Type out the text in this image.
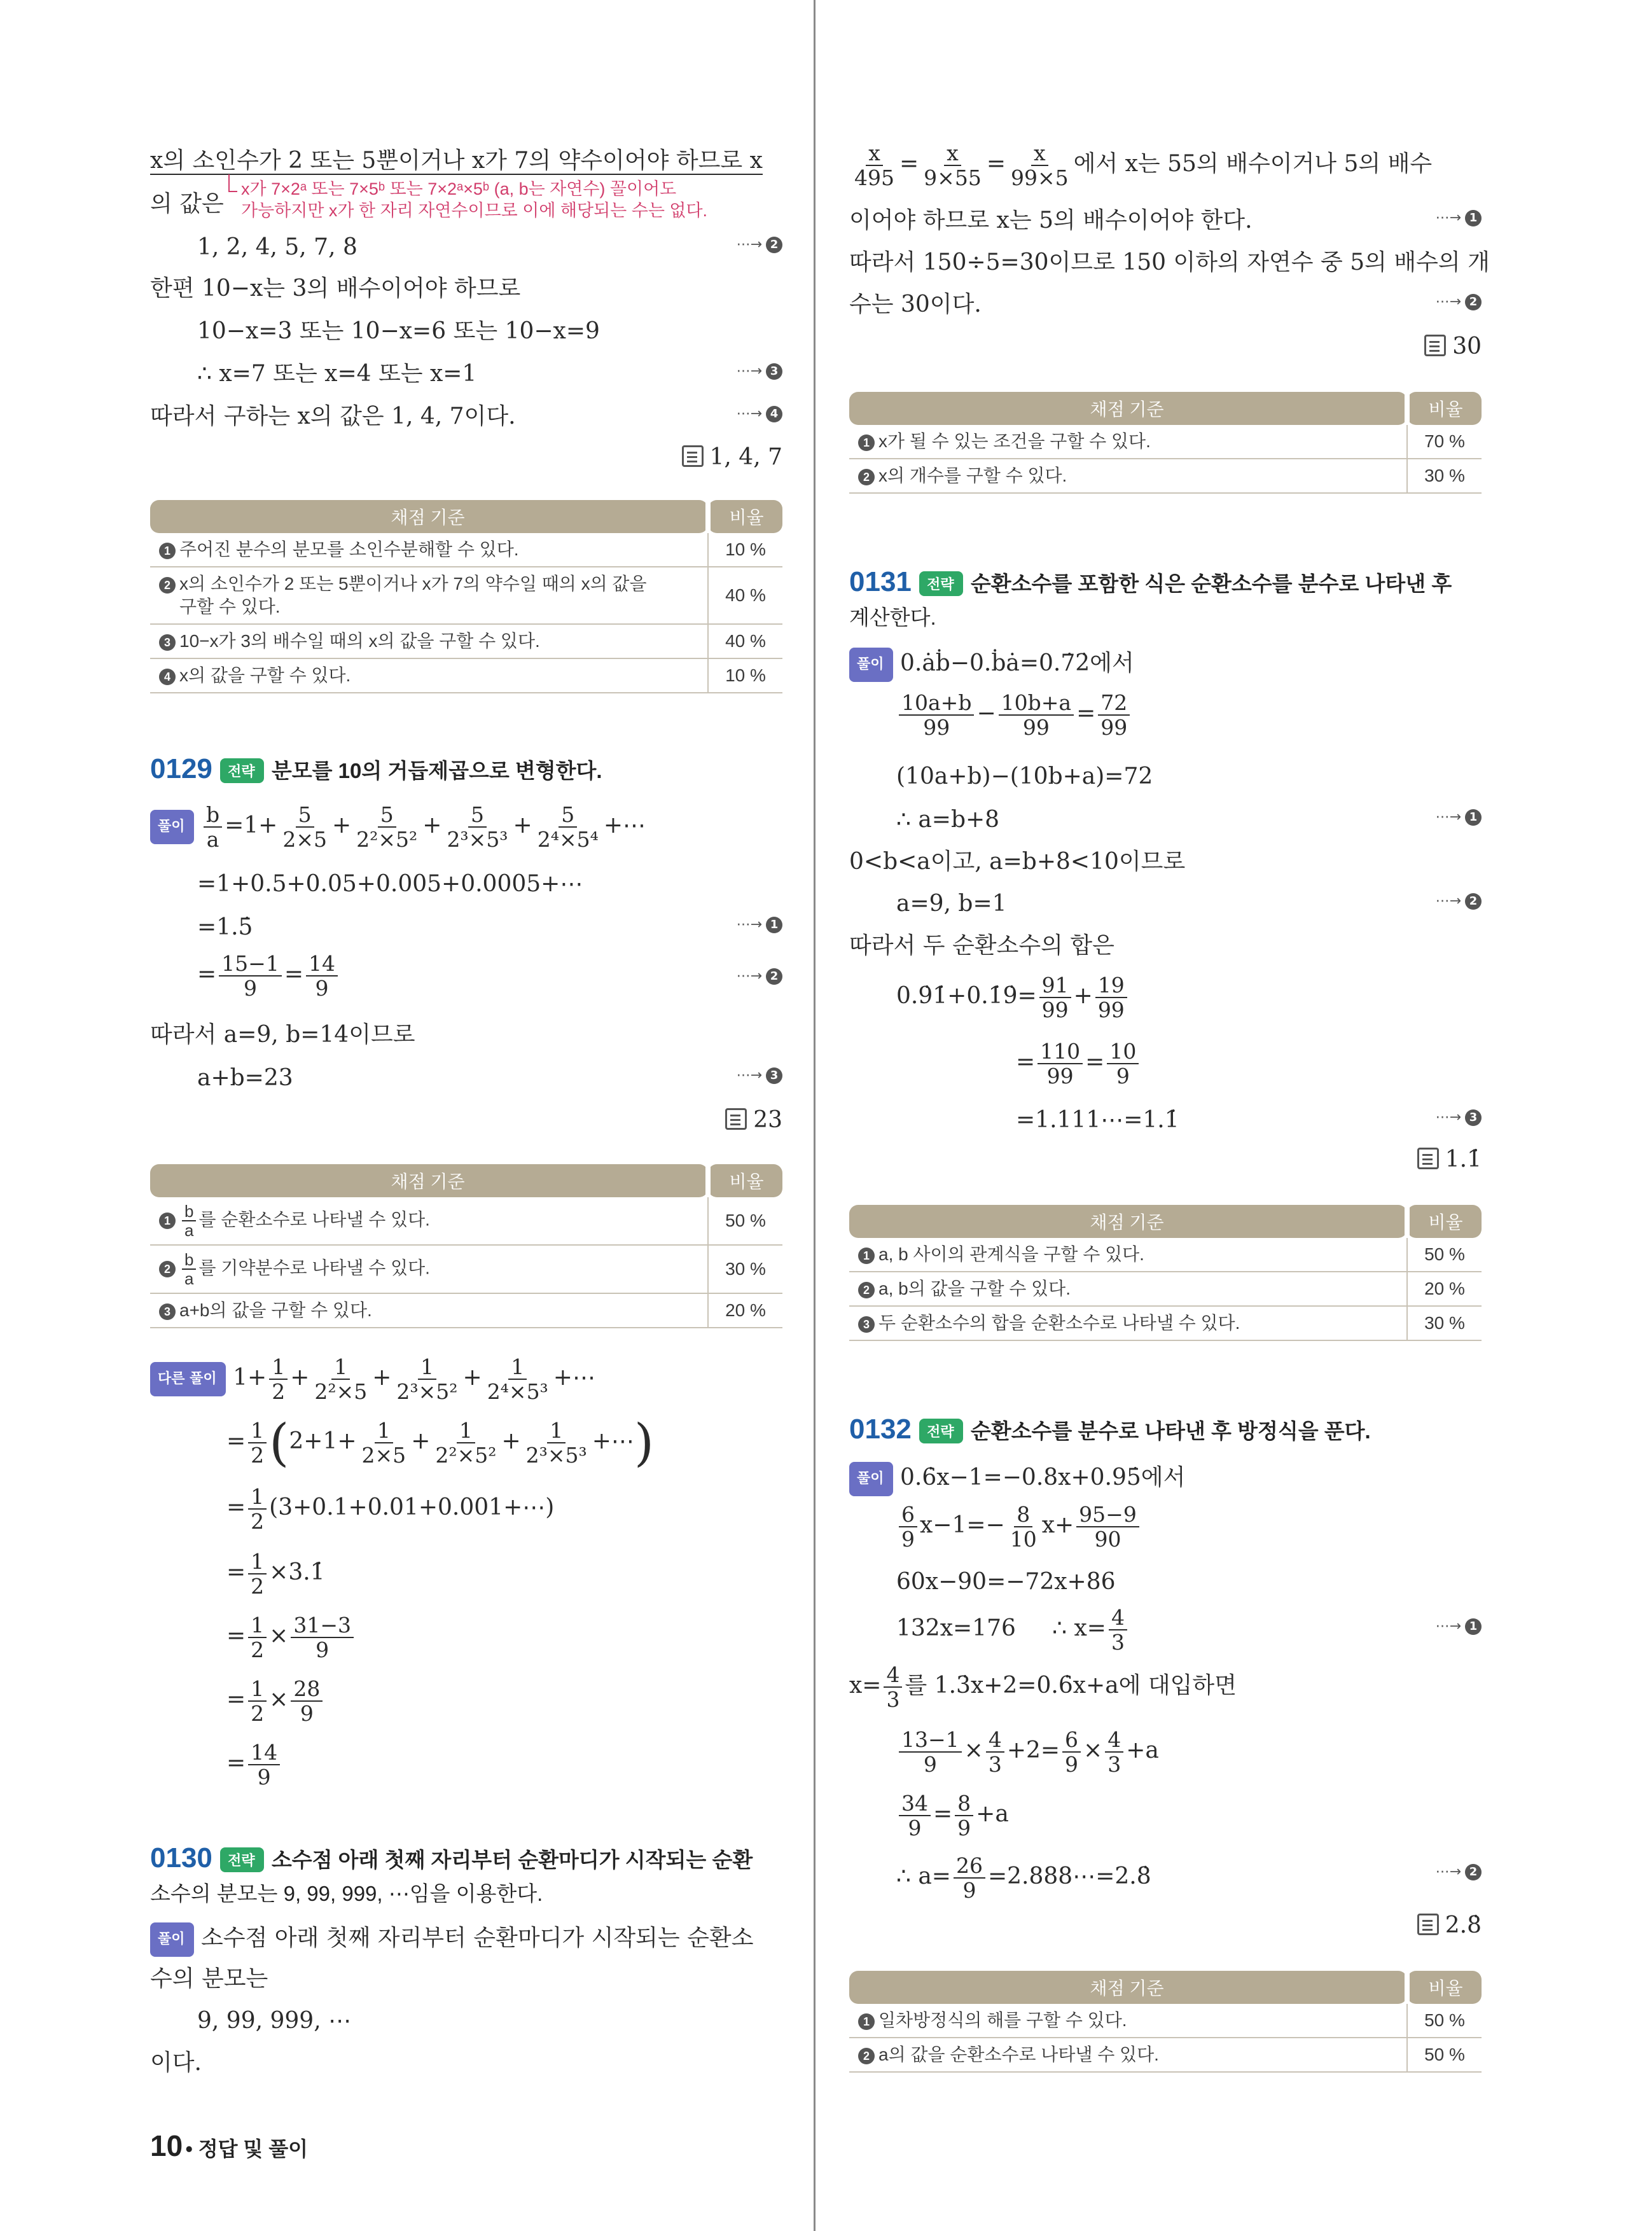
x의 소인수가 2 또는 5뿐이거나 x가 7의 약수이어야 하므로 x
의 값은
x가 7×2ᵃ 또는 7×5ᵇ 또는 7×2ᵃ×5ᵇ (a, b는 자연수) 꼴이어도
가능하지만 x가 한 자리 자연수이므로 이에 해당되는 수는 없다.
1, 2, 4, 5, 7, 8	⋯→ 2
한편 10−x는 3의 배수이어야 하므로
10−x=3 또는 10−x=6 또는 10−x=9
∴ x=7 또는 x=4 또는 x=1	⋯→ 3
따라서 구하는 x의 값은 1, 4, 7이다.	⋯→ 4
1, 4, 7
채점 기준	비율
1 주어진 분수의 분모를 소인수분해할 수 있다.	10 %
2 x의 소인수가 2 또는 5뿐이거나 x가 7의 약수일 때의 x의 값을
구할 수 있다.	40 %
3 10−x가 3의 배수일 때의 x의 값을 구할 수 있다.	40 %
4 x의 값을 구할 수 있다.	10 %
0129 전략 분모를 10의 거듭제곱으로 변형한다.
풀이 $\frac{b}{a} =1+ \frac{5}{2\times 5} + \frac{5}{\text{2²×5²}} + \frac{5}{\text{2³×5³}} + \frac{5}{\text{2⁴×5⁴}}$ +⋯
=1+0.5+0.05+0.005+0.0005+⋯
=1.5̇	⋯→ 1
= $\frac{15-1}{9} = \frac{14}{9}$	⋯→ 2
따라서 a=9, b=14이므로
a+b=23	⋯→ 3
23
채점 기준	비율
$1 \frac{b}{a}$ 를 순환소수로 나타낼 수 있다.	50 %
$2 \frac{b}{a}$ 를 기약분수로 나타낼 수 있다.	30 %
3 a+b의 값을 구할 수 있다.	20 %
다른 풀이 $1+ \frac{1}{2} + \frac{1}{\text{2²×5}} + \frac{1}{\text{2³×5²}} + \frac{1}{\text{2⁴×5³}}$ +⋯
= $\frac{1}{2} (2+1+ \frac{1}{2\times 5} + \frac{1}{\text{2²×5²}} + \frac{1}{\text{2³×5³}}$ +⋯)
= $\frac{1}{2}$ (3+0.1+0.01+0.001+⋯)
= $\frac{1}{2}$ ×3.1̇
= $\frac{1}{2} \times \frac{31-3}{9}$
= $\frac{1}{2} \times \frac{28}{9}$
= $\frac{14}{9}$
0130 전략 소수점 아래 첫째 자리부터 순환마디가 시작되는 순환
소수의 분모는 9, 99, 999, ⋯임을 이용한다.
풀이 소수점 아래 첫째 자리부터 순환마디가 시작되는 순환소
수의 분모는
9, 99, 999, ⋯
이다.
$\frac{x}{495} = \frac{x}{9\times 55} = \frac{x}{99\times 5}$ 에서 x는 55의 배수이거나 5의 배수
이어야 하므로 x는 5의 배수이어야 한다.	⋯→ 1
따라서 150÷5=30이므로 150 이하의 자연수 중 5의 배수의 개
수는 30이다.	⋯→ 2
30
채점 기준	비율
1 x가 될 수 있는 조건을 구할 수 있다.	70 %
2 x의 개수를 구할 수 있다.	30 %
0131 전략 순환소수를 포함한 식은 순환소수를 분수로 나타낸 후
계산한다.
풀이 0.ȧḃ−0.ḃȧ=0.7̇2̇에서
$\frac{10a+b}{99} - \frac{10b+a}{99} = \frac{72}{99}$
(10a+b)−(10b+a)=72
∴ a=b+8	⋯→ 1
0<b<a이고, a=b+8<10이므로
a=9, b=1	⋯→ 2
따라서 두 순환소수의 합은
0.9̇1̇+0.1̇9̇= $\frac{91}{99} + \frac{19}{99}$
= $\frac{110}{99} = \frac{10}{9}$
=1.111⋯=1.1̇	⋯→ 3
1.1̇
채점 기준	비율
1 a, b 사이의 관계식을 구할 수 있다.	50 %
2 a, b의 값을 구할 수 있다.	20 %
3 두 순환소수의 합을 순환소수로 나타낼 수 있다.	30 %
0132 전략 순환소수를 분수로 나타낸 후 방정식을 푼다.
풀이 0.6̇x−1=−0.8x+0.95̇에서
$\frac{6}{9} x-1=- \frac{8}{10} x+ \frac{95-9}{90}$
60x−90=−72x+86
132x=176     ∴ $x= \frac{4}{3}$	⋯→ 1
$x= \frac{4}{3}$ 를 1.3̇x+2=0.6̇x+a에 대입하면
$\frac{13-1}{9} \times \frac{4}{3} +2= \frac{6}{9} \times \frac{4}{3} +a$
$\frac{34}{9} = \frac{8}{9} +a$
∴ $a= \frac{26}{9}$ =2.888⋯=2.8̇	⋯→ 2
2.8̇
채점 기준	비율
1 일차방정식의 해를 구할 수 있다.	50 %
2 a의 값을 순환소수로 나타낼 수 있다.	50 %
10 • 정답 및 풀이
